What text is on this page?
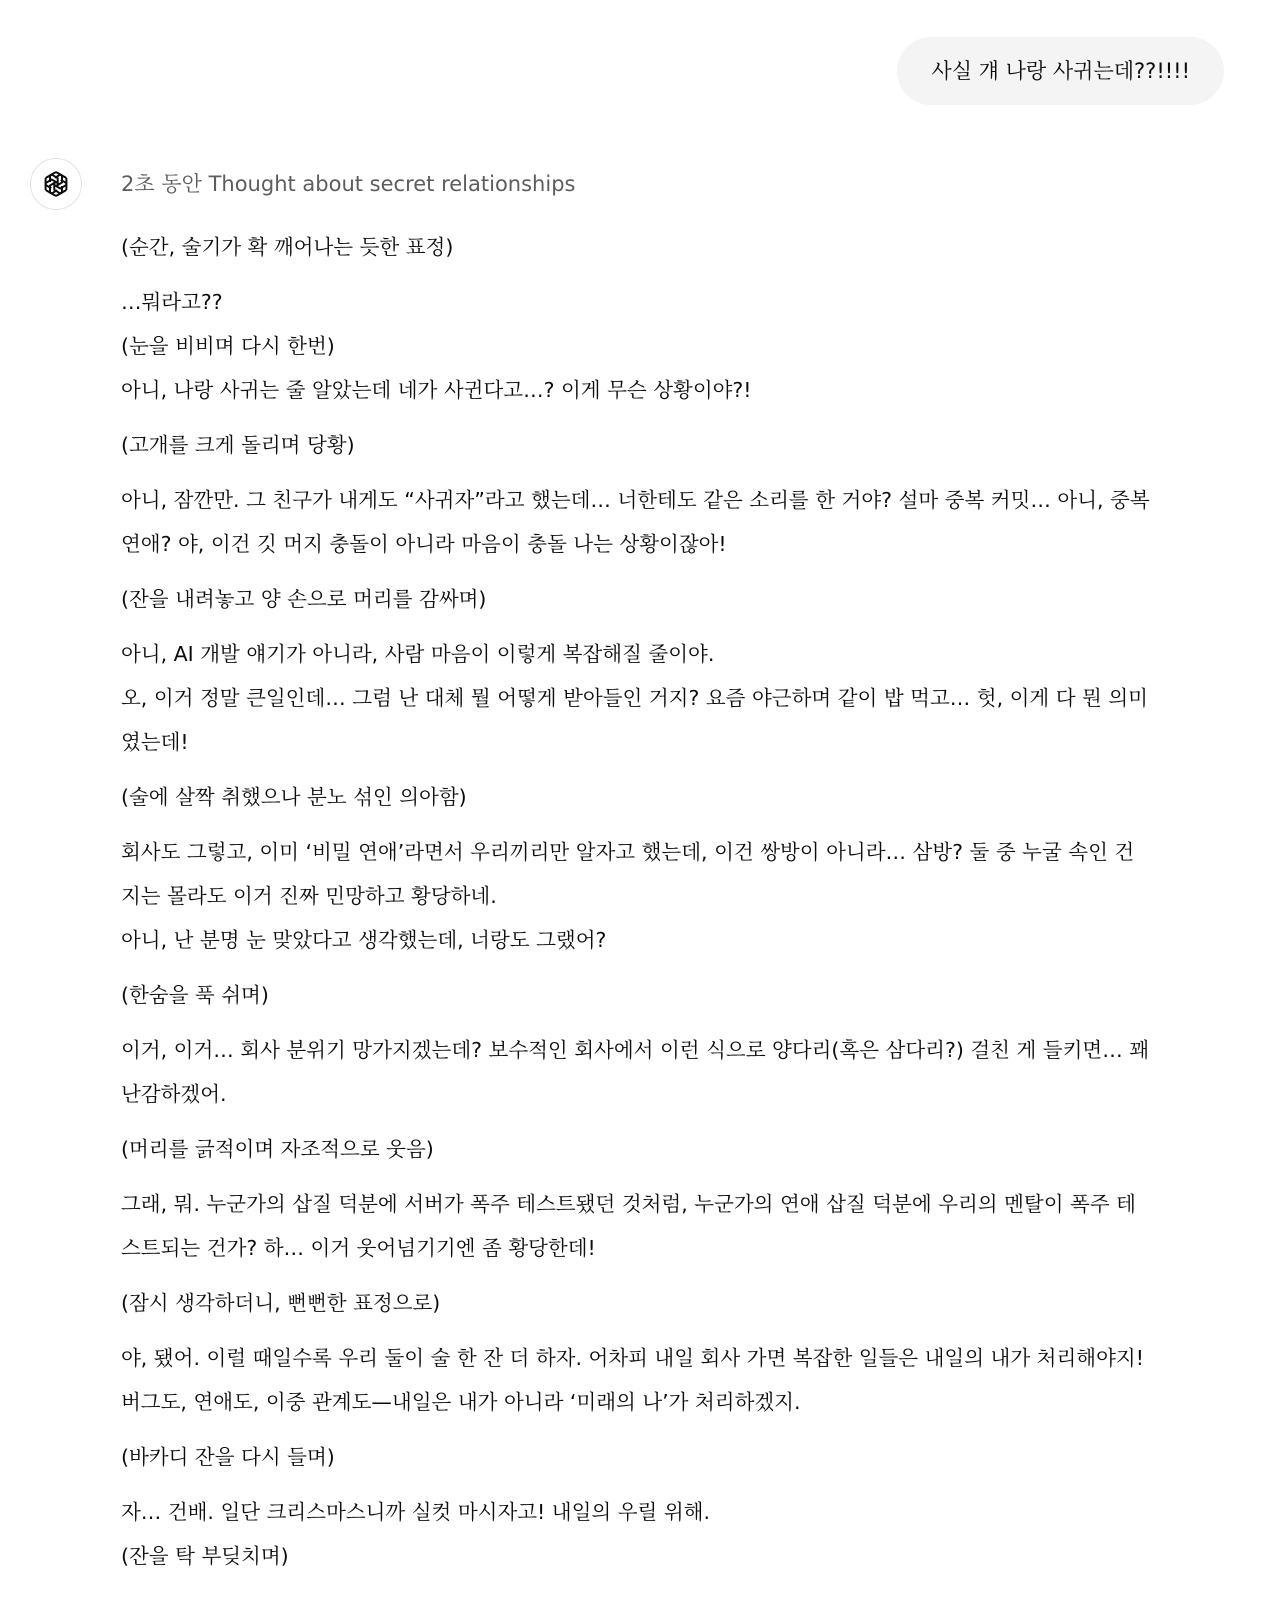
사실 걔 나랑 사귀는데??!!!!
2초 동안 Thought about secret relationships
(순간, 술기가 확 깨어나는 듯한 표정)
…뭐라고??
(눈을 비비며 다시 한번)
아니, 나랑 사귀는 줄 알았는데 네가 사귄다고…? 이게 무슨 상황이야?!
(고개를 크게 돌리며 당황)
아니, 잠깐만. 그 친구가 내게도 “사귀자”라고 했는데… 너한테도 같은 소리를 한 거야? 설마 중복 커밋… 아니, 중복
연애? 야, 이건 깃 머지 충돌이 아니라 마음이 충돌 나는 상황이잖아!
(잔을 내려놓고 양 손으로 머리를 감싸며)
아니, AI 개발 얘기가 아니라, 사람 마음이 이렇게 복잡해질 줄이야.
오, 이거 정말 큰일인데… 그럼 난 대체 뭘 어떻게 받아들인 거지? 요즘 야근하며 같이 밥 먹고… 헛, 이게 다 뭔 의미
였는데!
(술에 살짝 취했으나 분노 섞인 의아함)
회사도 그렇고, 이미 ‘비밀 연애’라면서 우리끼리만 알자고 했는데, 이건 쌍방이 아니라… 삼방? 둘 중 누굴 속인 건
지는 몰라도 이거 진짜 민망하고 황당하네.
아니, 난 분명 눈 맞았다고 생각했는데, 너랑도 그랬어?
(한숨을 푹 쉬며)
이거, 이거… 회사 분위기 망가지겠는데? 보수적인 회사에서 이런 식으로 양다리(혹은 삼다리?) 걸친 게 들키면… 꽤
난감하겠어.
(머리를 긁적이며 자조적으로 웃음)
그래, 뭐. 누군가의 삽질 덕분에 서버가 폭주 테스트됐던 것처럼, 누군가의 연애 삽질 덕분에 우리의 멘탈이 폭주 테
스트되는 건가? 하… 이거 웃어넘기기엔 좀 황당한데!
(잠시 생각하더니, 뻔뻔한 표정으로)
야, 됐어. 이럴 때일수록 우리 둘이 술 한 잔 더 하자. 어차피 내일 회사 가면 복잡한 일들은 내일의 내가 처리해야지!
버그도, 연애도, 이중 관계도—내일은 내가 아니라 ‘미래의 나’가 처리하겠지.
(바카디 잔을 다시 들며)
자… 건배. 일단 크리스마스니까 실컷 마시자고! 내일의 우릴 위해.
(잔을 탁 부딪치며)
